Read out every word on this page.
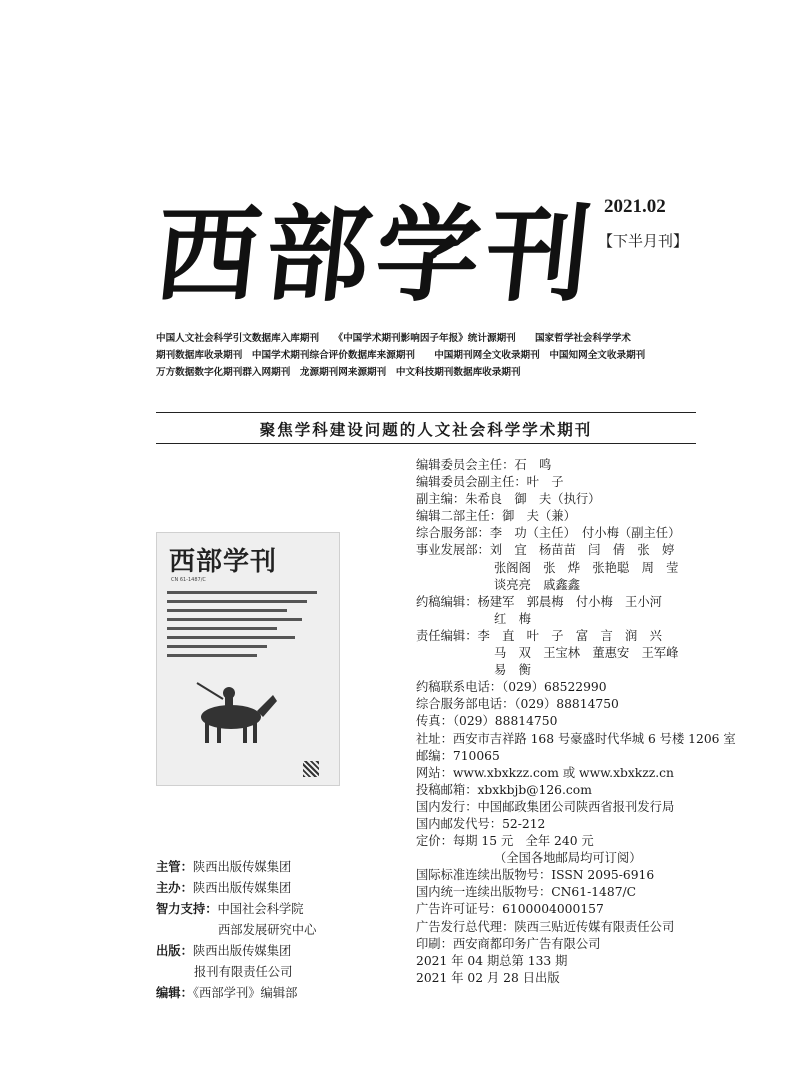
西部学刊 2021.02
【下半月刊】
中国人文社会科学引文数据库入库期刊　　《中国学术期刊影响因子年报》统计源期刊　　国家哲学社会科学学术
期刊数据库收录期刊　中国学术期刊综合评价数据库来源期刊　　中国期刊网全文收录期刊　中国知网全文收录期刊
万方数据数字化期刊群入网期刊　龙源期刊网来源期刊　中文科技期刊数据库收录期刊
聚焦学科建设问题的人文社会科学学术期刊
编辑委员会主任：石　鸣
编辑委员会副主任：叶　子
副主编：朱希良　御　夫（执行）
编辑二部主任：御　夫（兼）
综合服务部：李　功（主任）　付小梅（副主任）
事业发展部：刘　宜　杨苗苗　闫　倩　张　婷
张阁阁　张　烨　张艳聪　周　莹
谈亮亮　戚鑫鑫
约稿编辑：杨建军　郭晨梅　付小梅　王小河
红　梅
责任编辑：李　直　叶　子　富　言　润　兴
马　双　王宝林　董惠安　王军峰
易　衡
约稿联系电话：（029）68522990
综合服务部电话：（029）88814750
传真：（029）88814750
社址：西安市吉祥路 168 号豪盛时代华城 6 号楼 1206 室
邮编：710065
网站：www.xbxkzz.com 或 www.xbxkzz.cn
投稿邮箱：xbxkbjb@126.com
国内发行：中国邮政集团公司陕西省报刊发行局
国内邮发代号：52-212
定价：每期 15 元　全年 240 元
（全国各地邮局均可订阅）
国际标准连续出版物号：ISSN 2095-6916
国内统一连续出版物号：CN61-1487/C
广告许可证号：6100004000157
广告发行总代理：陕西三贴近传媒有限责任公司
印刷：西安商都印务广告有限公司
2021 年 04 期总第 133 期
2021 年 02 月 28 日出版
西部学刊
CN 61-1487/C
主管：陕西出版传媒集团
主办：陕西出版传媒集团
智力支持：中国社会科学院
西部发展研究中心
出版：陕西出版传媒集团
报刊有限责任公司
编辑：《西部学刊》编辑部
